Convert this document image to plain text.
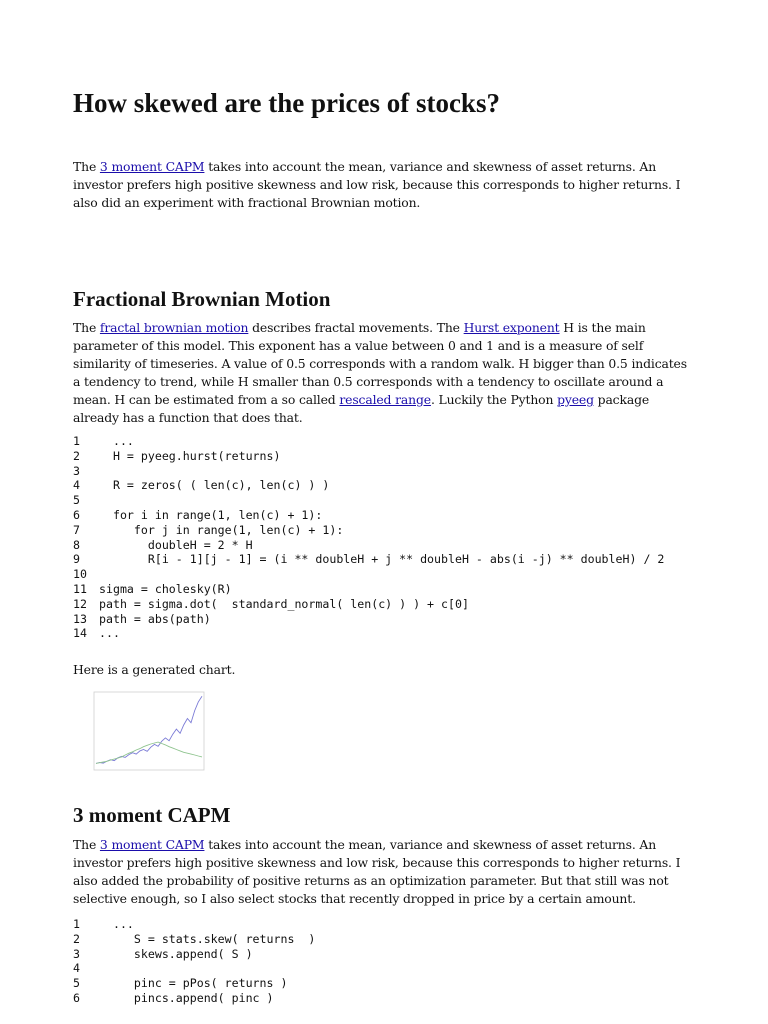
How skewed are the prices of stocks?

The 3 moment CAPM takes into account the mean, variance and skewness of asset returns. An
investor prefers high positive skewness and low risk, because this corresponds to higher returns. I
also did an experiment with fractional Brownian motion.

Fractional Brownian Motion

The fractal brownian motion describes fractal movements. The Hurst exponent H is the main
parameter of this model. This exponent has a value between 0 and 1 and is a measure of self
similarity of timeseries. A value of 0.5 corresponds with a random walk. H bigger than 0.5 indicates
a tendency to trend, while H smaller than 0.5 corresponds with a tendency to oscillate around a
mean. H can be estimated from a so called rescaled range. Luckily the Python pyeeg package
already has a function that does that.

1  ...
2  H = pyeeg.hurst(returns)
3
4  R = zeros( ( len(c), len(c) ) )
5
6  for i in range(1, len(c) + 1):
7     for j in range(1, len(c) + 1):
8       doubleH = 2 * H
9       R[i - 1][j - 1] = (i ** doubleH + j ** doubleH - abs(i -j) ** doubleH) / 2
10
11 sigma = cholesky(R)
12 path = sigma.dot(  standard_normal( len(c) ) ) + c[0]
13 path = abs(path)
14 ...

Here is a generated chart.

3 moment CAPM

The 3 moment CAPM takes into account the mean, variance and skewness of asset returns. An
investor prefers high positive skewness and low risk, because this corresponds to higher returns. I
also added the probability of positive returns as an optimization parameter. But that still was not
selective enough, so I also select stocks that recently dropped in price by a certain amount.

1  ...
2     S = stats.skew( returns  )
3     skews.append( S )
4
5     pinc = pPos( returns )
6     pincs.append( pinc )
